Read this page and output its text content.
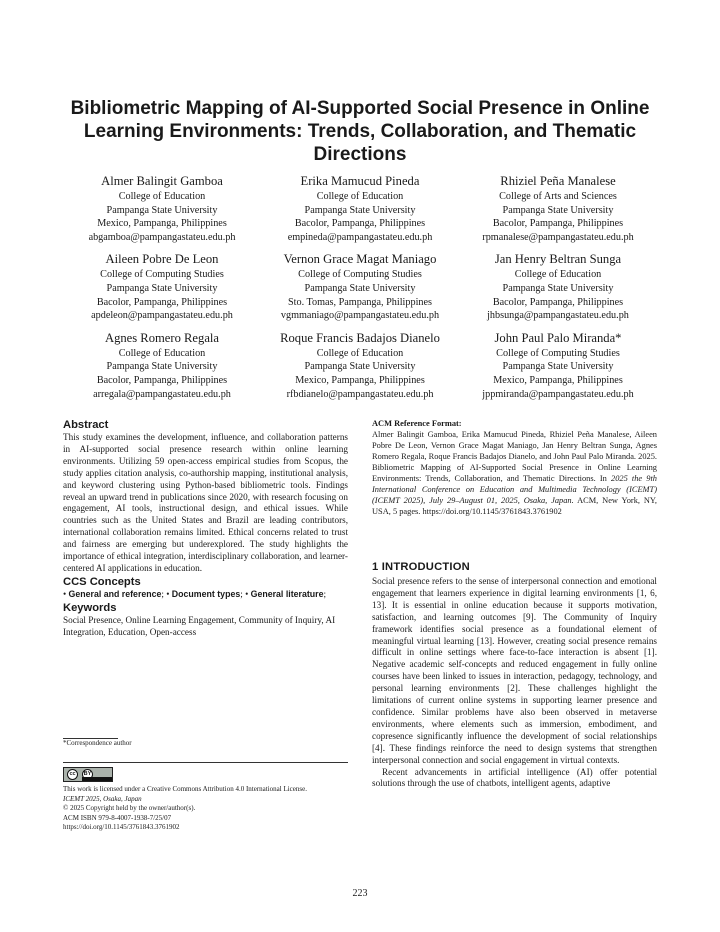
Bibliometric Mapping of AI-Supported Social Presence in Online Learning Environments: Trends, Collaboration, and Thematic Directions
Almer Balingit Gamboa
College of Education
Pampanga State University
Mexico, Pampanga, Philippines
abgamboa@pampangastateu.edu.ph
Erika Mamucud Pineda
College of Education
Pampanga State University
Bacolor, Pampanga, Philippines
empineda@pampangastateu.edu.ph
Rhiziel Peña Manalese
College of Arts and Sciences
Pampanga State University
Bacolor, Pampanga, Philippines
rpmanalese@pampangastateu.edu.ph
Aileen Pobre De Leon
College of Computing Studies
Pampanga State University
Bacolor, Pampanga, Philippines
apdeleon@pampangastateu.edu.ph
Vernon Grace Magat Maniago
College of Computing Studies
Pampanga State University
Sto. Tomas, Pampanga, Philippines
vgmmaniago@pampangastateu.edu.ph
Jan Henry Beltran Sunga
College of Education
Pampanga State University
Bacolor, Pampanga, Philippines
jhbsunga@pampangastateu.edu.ph
Agnes Romero Regala
College of Education
Pampanga State University
Bacolor, Pampanga, Philippines
arregala@pampangastateu.edu.ph
Roque Francis Badajos Dianelo
College of Education
Pampanga State University
Mexico, Pampanga, Philippines
rfbdianelo@pampangastateu.edu.ph
John Paul Palo Miranda*
College of Computing Studies
Pampanga State University
Mexico, Pampanga, Philippines
jppmiranda@pampangastateu.edu.ph
Abstract

This study examines the development, influence, and collaboration patterns in AI-supported social presence research within online learning environments. Utilizing 59 open-access empirical studies from Scopus, the study applies citation analysis, co-authorship mapping, institutional analysis, and keyword clustering using Python-based bibliometric tools. Findings reveal an upward trend in publications since 2020, with research focusing on engagement, AI tools, instructional design, and ethical issues. While countries such as the United States and Brazil are leading contributors, international collaboration remains limited. Ethical concerns related to trust and fairness are emerging but underexplored. The study highlights the importance of ethical integration, interdisciplinary collaboration, and learner-centered AI applications in education.

CCS Concepts

• General and reference; • Document types; • General literature;

Keywords

Social Presence, Online Learning Engagement, Community of Inquiry, AI Integration, Education, Open-access

*Correspondence author
cc	BY
This work is licensed under a Creative Commons Attribution 4.0 International License.
ICEMT 2025, Osaka, Japan
© 2025 Copyright held by the owner/author(s).
ACM ISBN 979-8-4007-1938-7/25/07
https://doi.org/10.1145/3761843.3761902

ACM Reference Format:

Almer Balingit Gamboa, Erika Mamucud Pineda, Rhiziel Peña Manalese, Aileen Pobre De Leon, Vernon Grace Magat Maniago, Jan Henry Beltran Sunga, Agnes Romero Regala, Roque Francis Badajos Dianelo, and John Paul Palo Miranda. 2025. Bibliometric Mapping of AI-Supported Social Presence in Online Learning Environments: Trends, Collaboration, and Thematic Directions. In 2025 the 9th International Conference on Education and Multimedia Technology (ICEMT) (ICEMT 2025), July 29–August 01, 2025, Osaka, Japan. ACM, New York, NY, USA, 5 pages. https://doi.org/10.1145/3761843.3761902

1 INTRODUCTION

Social presence refers to the sense of interpersonal connection and emotional engagement that learners experience in digital learning environments [1, 6, 13]. It is essential in online education because it supports motivation, satisfaction, and learning outcomes [9]. The Community of Inquiry framework identifies social presence as a foundational element of meaningful virtual learning [13]. However, creating social presence remains difficult in online settings where face-to-face interaction is absent [1]. Negative academic self-concepts and reduced engagement in fully online courses have been linked to issues in interaction, pedagogy, technology, and personal learning environments [2]. These challenges highlight the limitations of current online systems in supporting learner presence and confidence. Similar problems have also been observed in metaverse environments, where elements such as immersion, embodiment, and copresence significantly influence the development of social relationships [4]. These findings reinforce the need to design systems that strengthen interpersonal connection and social engagement in virtual contexts.

Recent advancements in artificial intelligence (AI) offer potential solutions through the use of chatbots, intelligent agents, adaptive

223
